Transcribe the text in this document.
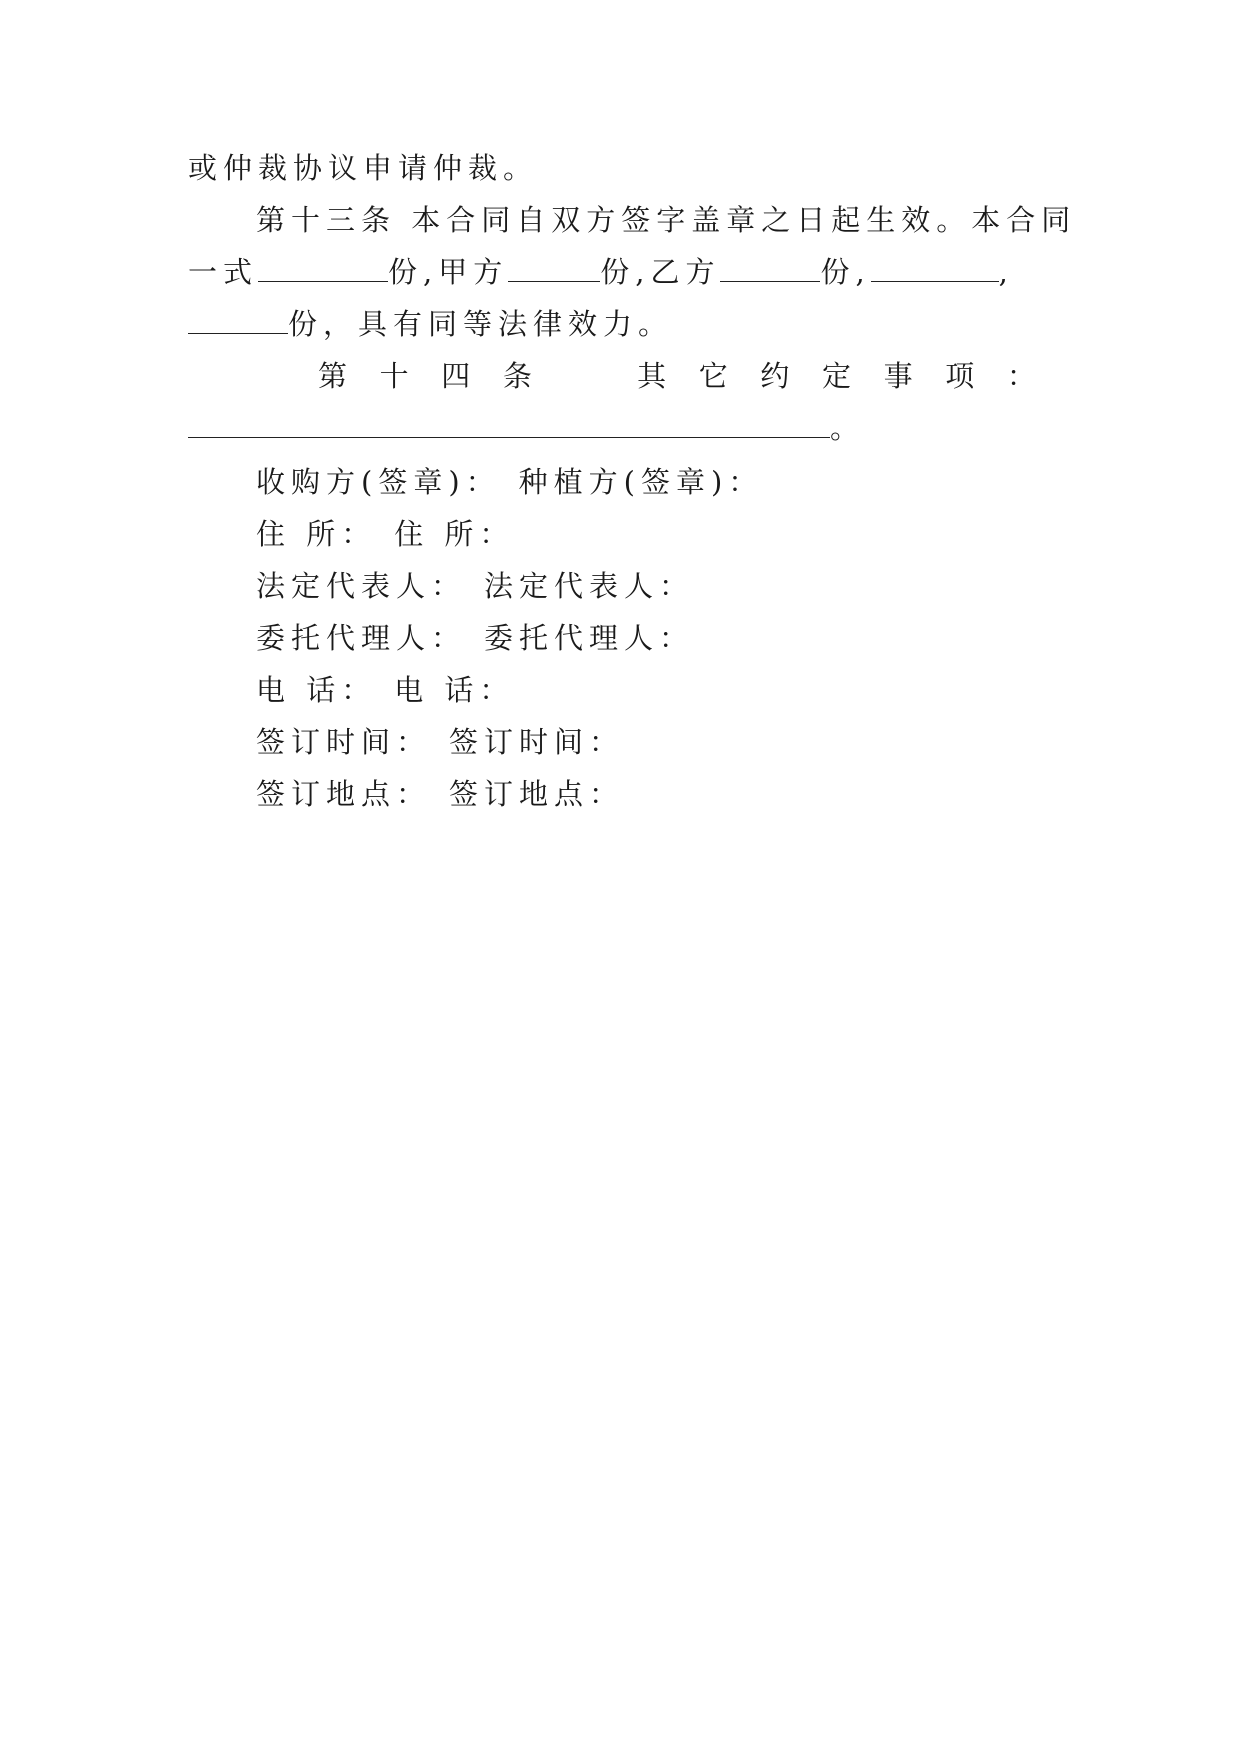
或仲裁协议申请仲裁。
第十三条 本合同自双方签字盖章之日起生效。本合同
一式	份,甲方	份,乙方	份,	,
份，具有同等法律效力。
第 十 四 条	其 它 约 定 事 项 ：
。
收购方(签章)： 种植方(签章)：
住 所： 住 所：
法定代表人： 法定代表人：
委托代理人： 委托代理人：
电 话： 电 话：
签订时间： 签订时间：
签订地点： 签订地点：
